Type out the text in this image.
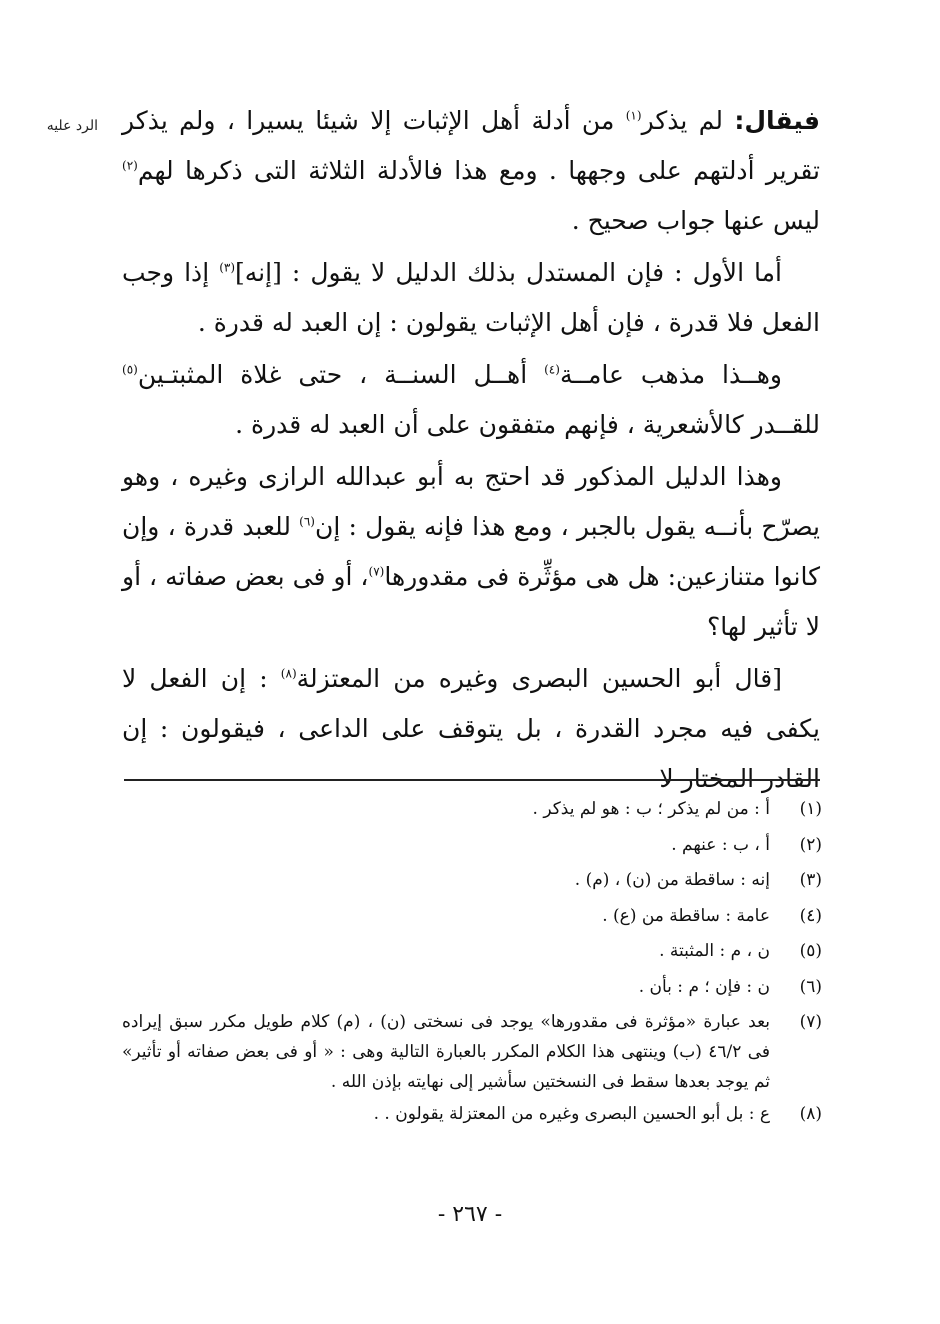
الرد عليه	فيقال: لم يذكر$^{(١)}$ من أدلة أهل الإثبات إلا شيئا يسيرا ، ولم يذكر تقرير أدلتهم على وجهها . ومع هذا فالأدلة الثلاثة التى ذكرها لهم$^{(٢)}$ ليس عنها جواب صحيح .

أما الأول : فإن المستدل بذلك الدليل لا يقول : [إنه]$^{(٣)}$ إذا وجب الفعل فلا قدرة ، فإن أهل الإثبات يقولون : إن العبد له قدرة .

وهــذا مذهب عامــة$^{(٤)}$ أهــل السنــة ، حتى غلاة المثبتـين$^{(٥)}$ للقــدر كالأشعرية ، فإنهم متفقون على أن العبد له قدرة .

وهذا الدليل المذكور قد احتج به أبو عبدالله الرازى وغيره ، وهو يصرّح بأنــه يقول بالجبر ، ومع هذا فإنه يقول : إن$^{(٦)}$ للعبد قدرة ، وإن كانوا متنازعين: هل هى مؤثِّرة فى مقدورها$^{(٧)}$، أو فى بعض صفاته ، أو لا تأثير لها؟

[قال أبو الحسين البصرى وغيره من المعتزلة$^{(٨)}$ : إن الفعل لا يكفى فيه مجرد القدرة ، بل يتوقف على الداعى ، فيقولون : إن القادر المختار لا

(١)
أ : من لم يذكر ؛ ب : هو لم يذكر .
(٢)
أ ، ب : عنهم .
(٣)
إنه : ساقطة من (ن) ، (م) .
(٤)
عامة : ساقطة من (ع) .
(٥)
ن ، م : المثبتة .
(٦)
ن : فإن ؛ م : بأن .
(٧)
بعد عبارة «مؤثرة فى مقدورها» يوجد فى نسختى (ن) ، (م) كلام طويل مكرر سبق إيراده فى ٤٦/٢ (ب) وينتهى هذا الكلام المكرر بالعبارة التالية وهى : « أو فى بعض صفاته أو تأثير» ثم يوجد بعدها سقط فى النسختين سأشير إلى نهايته بإذن الله .
(٨)
ع : بل أبو الحسين البصرى وغيره من المعتزلة يقولون . .
- ٢٦٧ -
